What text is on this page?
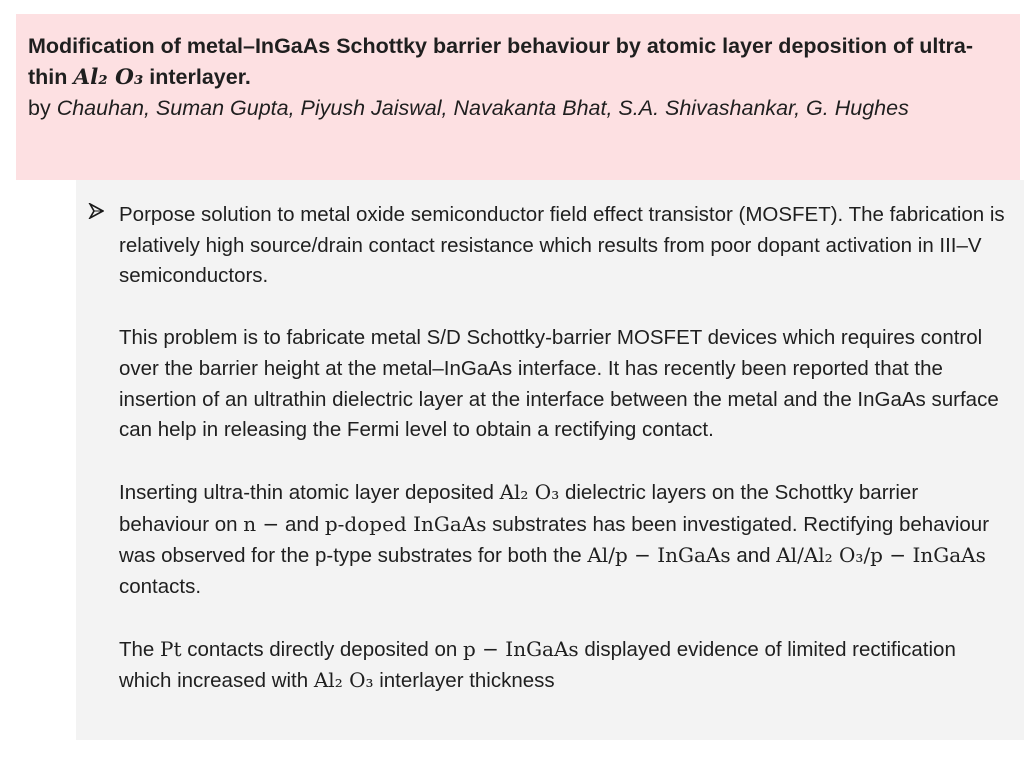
Modification of metal–InGaAs Schottky barrier behaviour by atomic layer deposition of ultra-thin Al₂ O₃ interlayer.

by Chauhan, Suman Gupta, Piyush Jaiswal, Navakanta Bhat, S.A. Shivashankar, G. Hughes

Porpose solution to metal oxide semiconductor field effect transistor (MOSFET). The fabrication is relatively high source/drain contact resistance which results from poor dopant activation in III–V semiconductors.

This problem is to fabricate metal S/D Schottky-barrier MOSFET devices which requires control over the barrier height at the metal–InGaAs interface. It has recently been reported that the insertion of an ultrathin dielectric layer at the interface between the metal and the InGaAs surface can help in releasing the Fermi level to obtain a rectifying contact.

Inserting ultra-thin atomic layer deposited Al₂ O₃ dielectric layers on the Schottky barrier behaviour on n − and p-doped InGaAs substrates has been investigated. Rectifying behaviour was observed for the p-type substrates for both the Al/p − InGaAs and Al/Al₂ O₃/p − InGaAs contacts.

The Pt contacts directly deposited on p − InGaAs displayed evidence of limited rectification which increased with Al₂ O₃ interlayer thickness
